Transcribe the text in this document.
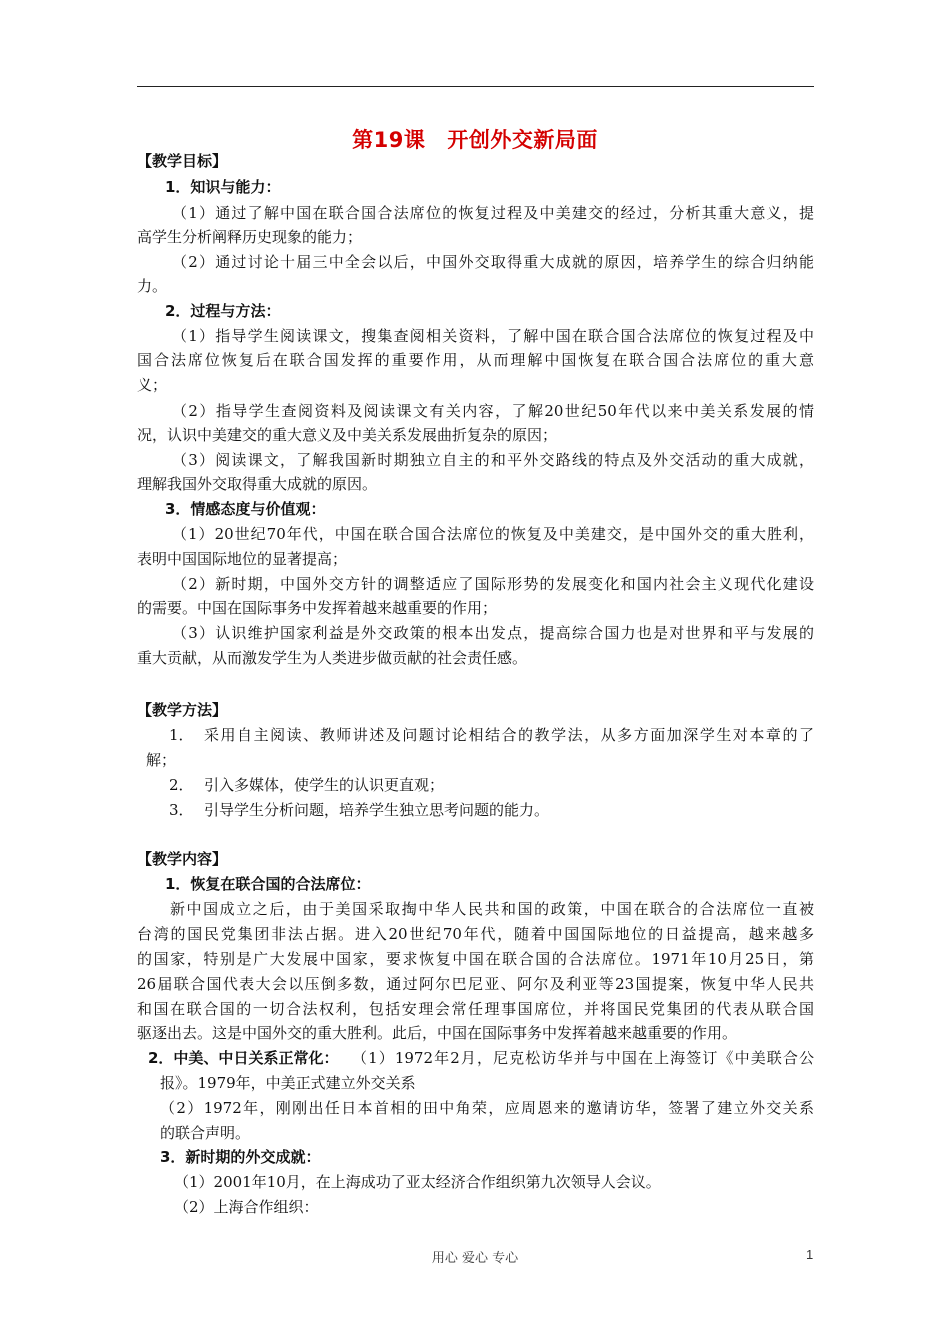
第19课 开创外交新局面
【教学目标】
1．知识与能力：
（1）通过了解中国在联合国合法席位的恢复过程及中美建交的经过，分析其重大意义，提
高学生分析阐释历史现象的能力；
（2）通过讨论十届三中全会以后，中国外交取得重大成就的原因，培养学生的综合归纳能
力。
2．过程与方法：
（1）指导学生阅读课文，搜集查阅相关资料，了解中国在联合国合法席位的恢复过程及中
国合法席位恢复后在联合国发挥的重要作用，从而理解中国恢复在联合国合法席位的重大意
义；
（2）指导学生查阅资料及阅读课文有关内容，了解20世纪50年代以来中美关系发展的情
况，认识中美建交的重大意义及中美关系发展曲折复杂的原因；
（3）阅读课文，了解我国新时期独立自主的和平外交路线的特点及外交活动的重大成就，
理解我国外交取得重大成就的原因。
3．情感态度与价值观：
（1）20世纪70年代，中国在联合国合法席位的恢复及中美建交，是中国外交的重大胜利，
表明中国国际地位的显著提高；
（2）新时期，中国外交方针的调整适应了国际形势的发展变化和国内社会主义现代化建设
的需要。中国在国际事务中发挥着越来越重要的作用；
（3）认识维护国家利益是外交政策的根本出发点，提高综合国力也是对世界和平与发展的
重大贡献，从而激发学生为人类进步做贡献的社会责任感。
【教学方法】
1． 采用自主阅读、教师讲述及问题讨论相结合的教学法，从多方面加深学生对本章的了
解；
2． 引入多媒体，使学生的认识更直观；
3． 引导学生分析问题，培养学生独立思考问题的能力。
【教学内容】
1．恢复在联合国的合法席位：
新中国成立之后，由于美国采取掏中华人民共和国的政策，中国在联合的合法席位一直被
台湾的国民党集团非法占据。进入20世纪70年代，随着中国国际地位的日益提高，越来越多
的国家，特别是广大发展中国家，要求恢复中国在联合国的合法席位。1971年10月25日，第
26届联合国代表大会以压倒多数，通过阿尔巴尼亚、阿尔及利亚等23国提案，恢复中华人民共
和国在联合国的一切合法权利，包括安理会常任理事国席位，并将国民党集团的代表从联合国
驱逐出去。这是中国外交的重大胜利。此后，中国在国际事务中发挥着越来越重要的作用。
2．中美、中日关系正常化： （1）1972年2月，尼克松访华并与中国在上海签订《中美联合公
报》。1979年，中美正式建立外交关系
（2）1972年，刚刚出任日本首相的田中角荣，应周恩来的邀请访华，签署了建立外交关系
的联合声明。
3．新时期的外交成就：
（1）2001年10月，在上海成功了亚太经济合作组织第九次领导人会议。
（2）上海合作组织：
用心 爱心 专心	1
